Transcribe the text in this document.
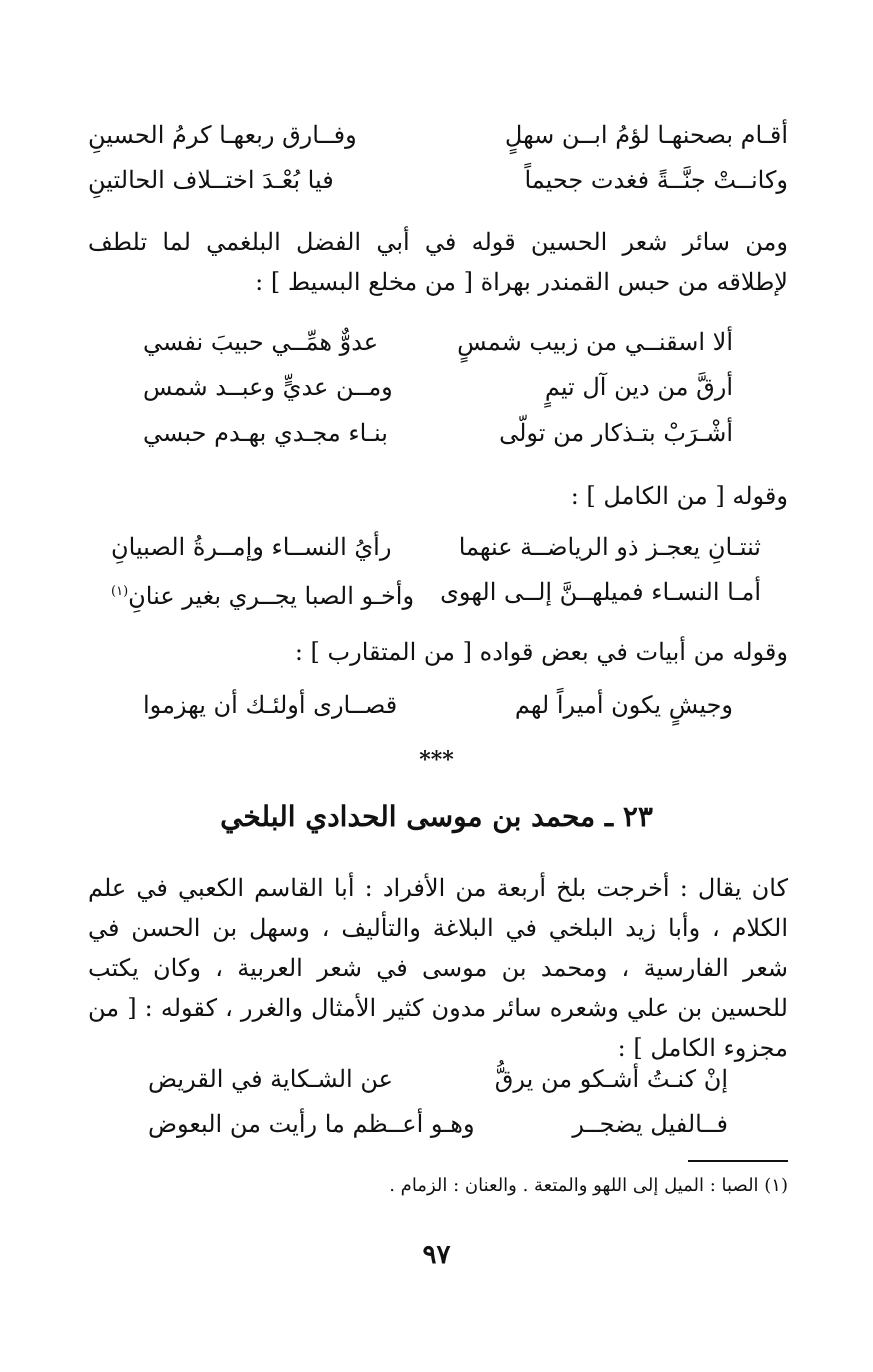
أقـام بصحنهـا لؤمُ ابــن سهلٍ
وفــارق ربعهـا كرمُ الحسينِ
وكانــتْ جنَّــةً فغدت جحيماً
فيا بُعْـدَ اختــلاف الحالتينِ
ومن سائر شعر الحسين قوله في أبي الفضل البلغمي لما تلطف لإطلاقه من حبس القمندر بهراة [ من مخلع البسيط ] :
ألا اسقنــي من زبيب شمسٍ
عدوٌّ همِّــي حبيبَ نفسي
أرقَّ من دين آل تيمٍ
ومــن عديٍّ وعبــد شمس
أشْـرَبْ بتـذكار من تولّى
بنـاء مجـدي بهـدم حبسي
وقوله [ من الكامل ] :
ثنتـانِ يعجـز ذو الرياضــة عنهما
رأيُ النســاء وإمــرةُ الصبيانِ
أمـا النسـاء فميلهــنَّ إلــى الهوى
وأخـو الصبا يجــري بغير عنانِ$^{(١)}$
وقوله من أبيات في بعض قواده [ من المتقارب ] :
وجيشٍ يكون أميراً لهم
قصــارى أولئـك أن يهزموا
***
٢٣ ـ محمد بن موسى الحدادي البلخي
كان يقال : أخرجت بلخ أربعة من الأفراد : أبا القاسم الكعبي في علم الكلام ، وأبا زيد البلخي في البلاغة والتأليف ، وسهل بن الحسن في شعر الفارسية ، ومحمد بن موسى في شعر العربية ، وكان يكتب للحسين بن علي وشعره سائر مدون كثير الأمثال والغرر ، كقوله : [ من مجزوء الكامل ] :
إنْ كنـتُ أشـكو من يرقُّ
عن الشـكاية في القريض
فــالفيل يضجــر
وهـو أعــظم ما رأيت من البعوض
(١) الصبا : الميل إلى اللهو والمتعة . والعنان : الزمام .
٩٧
